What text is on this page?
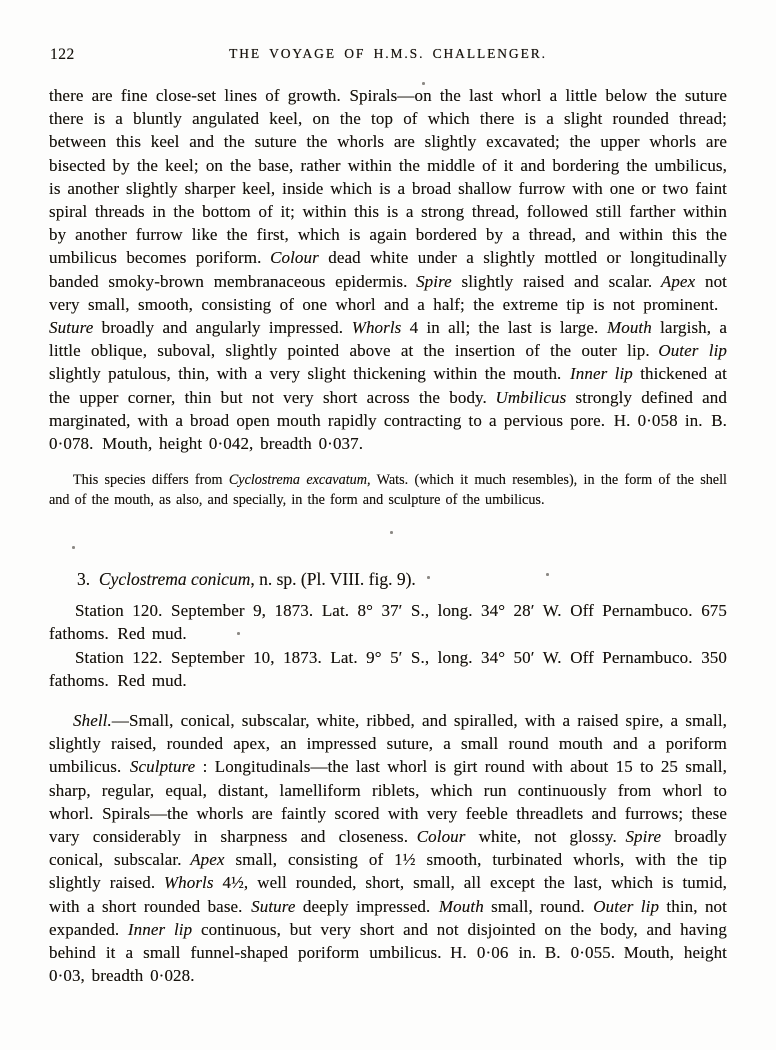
122	THE VOYAGE OF H.M.S. CHALLENGER.

there are fine close-set lines of growth. Spirals—on the last whorl a little below the suture there is a bluntly angulated keel, on the top of which there is a slight rounded thread; between this keel and the suture the whorls are slightly excavated; the upper whorls are bisected by the keel; on the base, rather within the middle of it and bordering the umbilicus, is another slightly sharper keel, inside which is a broad shallow furrow with one or two faint spiral threads in the bottom of it; within this is a strong thread, followed still farther within by another furrow like the first, which is again bordered by a thread, and within this the umbilicus becomes poriform. Colour dead white under a slightly mottled or longitudinally banded smoky-brown membranaceous epidermis. Spire slightly raised and scalar. Apex not very small, smooth, consisting of one whorl and a half; the extreme tip is not prominent. Suture broadly and angularly impressed. Whorls 4 in all; the last is large. Mouth largish, a little oblique, suboval, slightly pointed above at the insertion of the outer lip. Outer lip slightly patulous, thin, with a very slight thickening within the mouth. Inner lip thickened at the upper corner, thin but not very short across the body. Umbilicus strongly defined and marginated, with a broad open mouth rapidly contracting to a pervious pore. H. 0·058 in. B. 0·078. Mouth, height 0·042, breadth 0·037.

This species differs from Cyclostrema excavatum, Wats. (which it much resembles), in the form of the shell and of the mouth, as also, and specially, in the form and sculpture of the umbilicus.

3. Cyclostrema conicum, n. sp. (Pl. VIII. fig. 9).

Station 120. September 9, 1873. Lat. 8° 37′ S., long. 34° 28′ W. Off Pernambuco. 675 fathoms. Red mud.

Station 122. September 10, 1873. Lat. 9° 5′ S., long. 34° 50′ W. Off Pernambuco. 350 fathoms. Red mud.

Shell.—Small, conical, subscalar, white, ribbed, and spiralled, with a raised spire, a small, slightly raised, rounded apex, an impressed suture, a small round mouth and a poriform umbilicus. Sculpture : Longitudinals—the last whorl is girt round with about 15 to 25 small, sharp, regular, equal, distant, lamelliform riblets, which run continuously from whorl to whorl. Spirals—the whorls are faintly scored with very feeble threadlets and furrows; these vary considerably in sharpness and closeness. Colour white, not glossy. Spire broadly conical, subscalar. Apex small, consisting of 1½ smooth, turbinated whorls, with the tip slightly raised. Whorls 4½, well rounded, short, small, all except the last, which is tumid, with a short rounded base. Suture deeply impressed. Mouth small, round. Outer lip thin, not expanded. Inner lip continuous, but very short and not disjointed on the body, and having behind it a small funnel-shaped poriform umbilicus. H. 0·06 in. B. 0·055. Mouth, height 0·03, breadth 0·028.
